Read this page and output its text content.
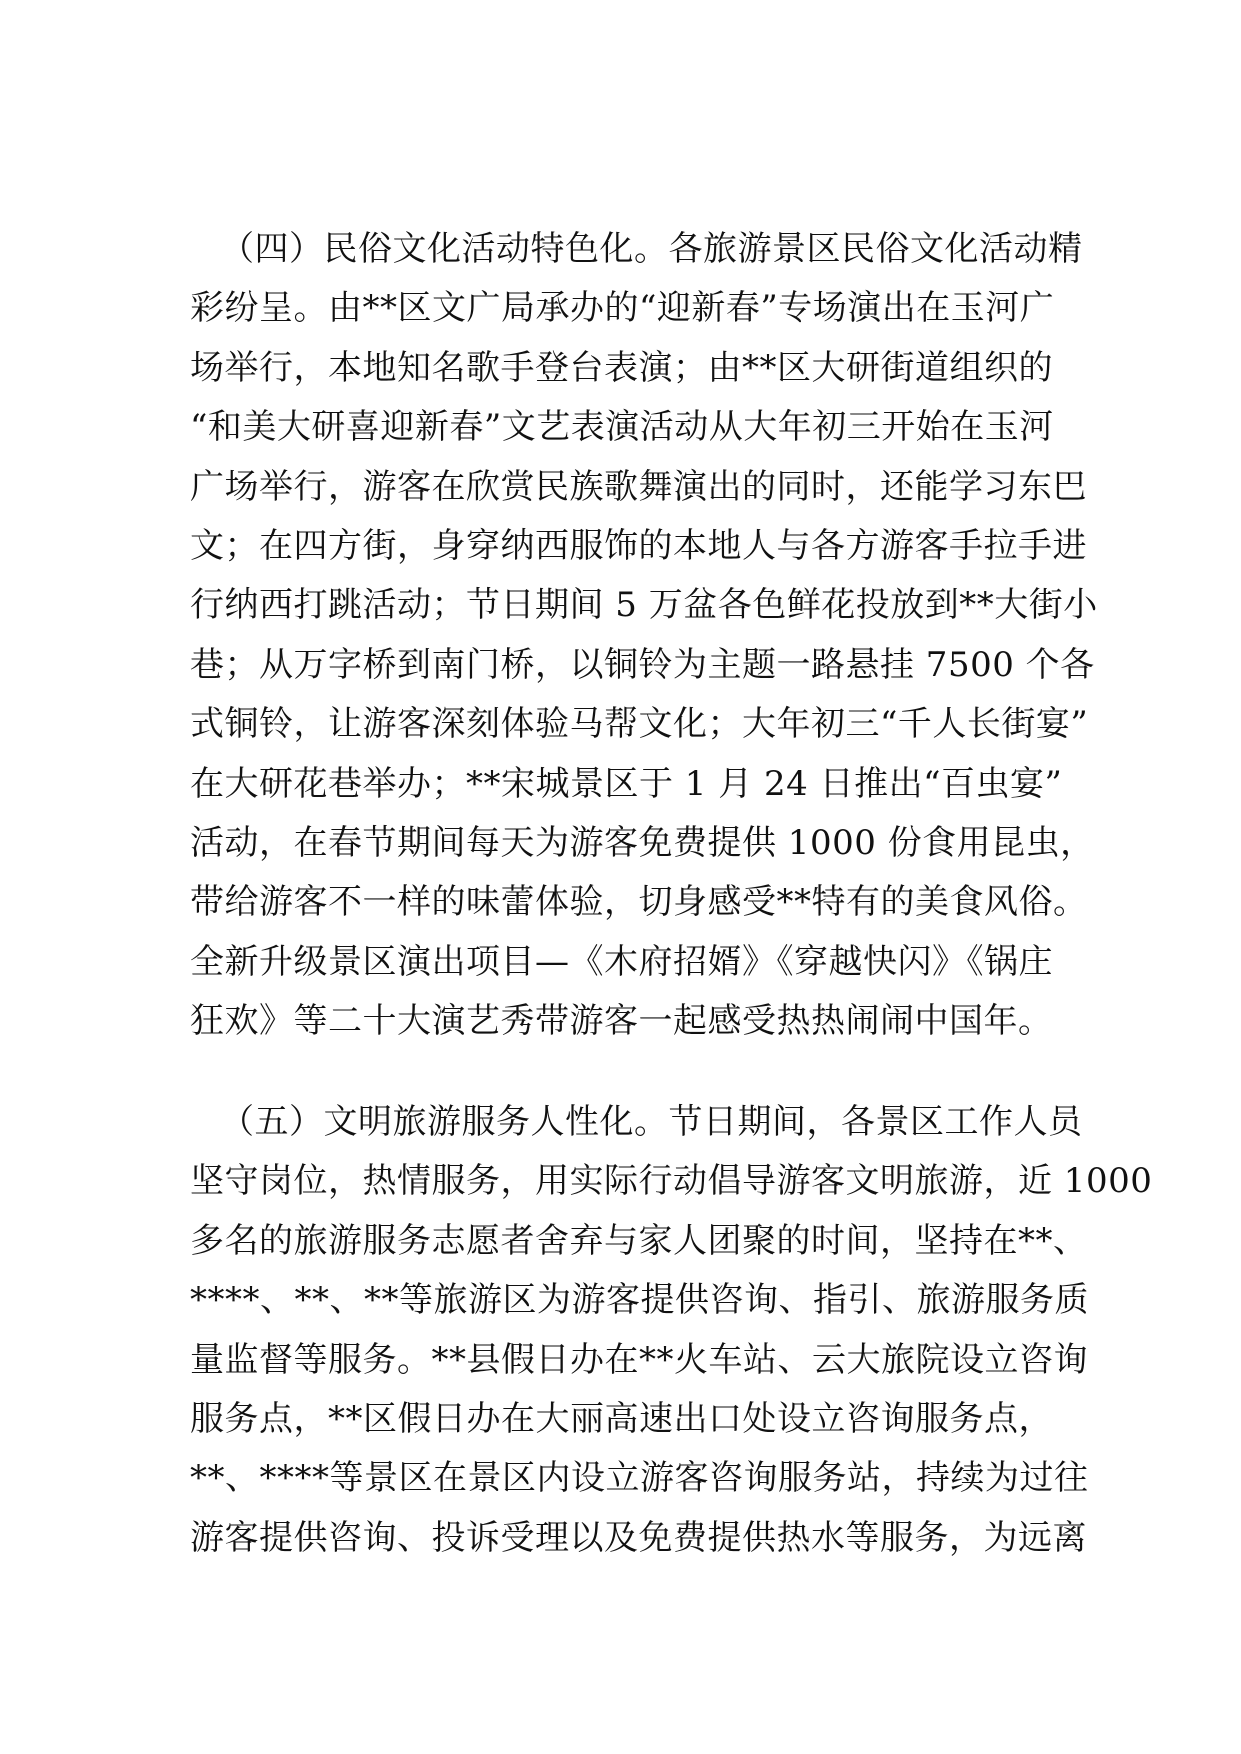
（四）民俗文化活动特色化。各旅游景区民俗文化活动精
彩纷呈。由**区文广局承办的“迎新春”专场演出在玉河广
场举行，本地知名歌手登台表演；由**区大研街道组织的
“和美大研喜迎新春”文艺表演活动从大年初三开始在玉河
广场举行，游客在欣赏民族歌舞演出的同时，还能学习东巴
文；在四方街，身穿纳西服饰的本地人与各方游客手拉手进
行纳西打跳活动；节日期间 5 万盆各色鲜花投放到**大街小
巷；从万字桥到南门桥，以铜铃为主题一路悬挂 7500 个各
式铜铃，让游客深刻体验马帮文化；大年初三“千人长街宴”
在大研花巷举办；**宋城景区于 1 月 24 日推出“百虫宴”
活动，在春节期间每天为游客免费提供 1000 份食用昆虫，
带给游客不一样的味蕾体验，切身感受**特有的美食风俗。
全新升级景区演出项目—《木府招婿》《穿越快闪》《锅庄
狂欢》等二十大演艺秀带游客一起感受热热闹闹中国年。
（五）文明旅游服务人性化。节日期间，各景区工作人员
坚守岗位，热情服务，用实际行动倡导游客文明旅游，近 1000
多名的旅游服务志愿者舍弃与家人团聚的时间，坚持在**、
****、**、**等旅游区为游客提供咨询、指引、旅游服务质
量监督等服务。**县假日办在**火车站、云大旅院设立咨询
服务点，**区假日办在大丽高速出口处设立咨询服务点，
**、****等景区在景区内设立游客咨询服务站，持续为过往
游客提供咨询、投诉受理以及免费提供热水等服务，为远离
